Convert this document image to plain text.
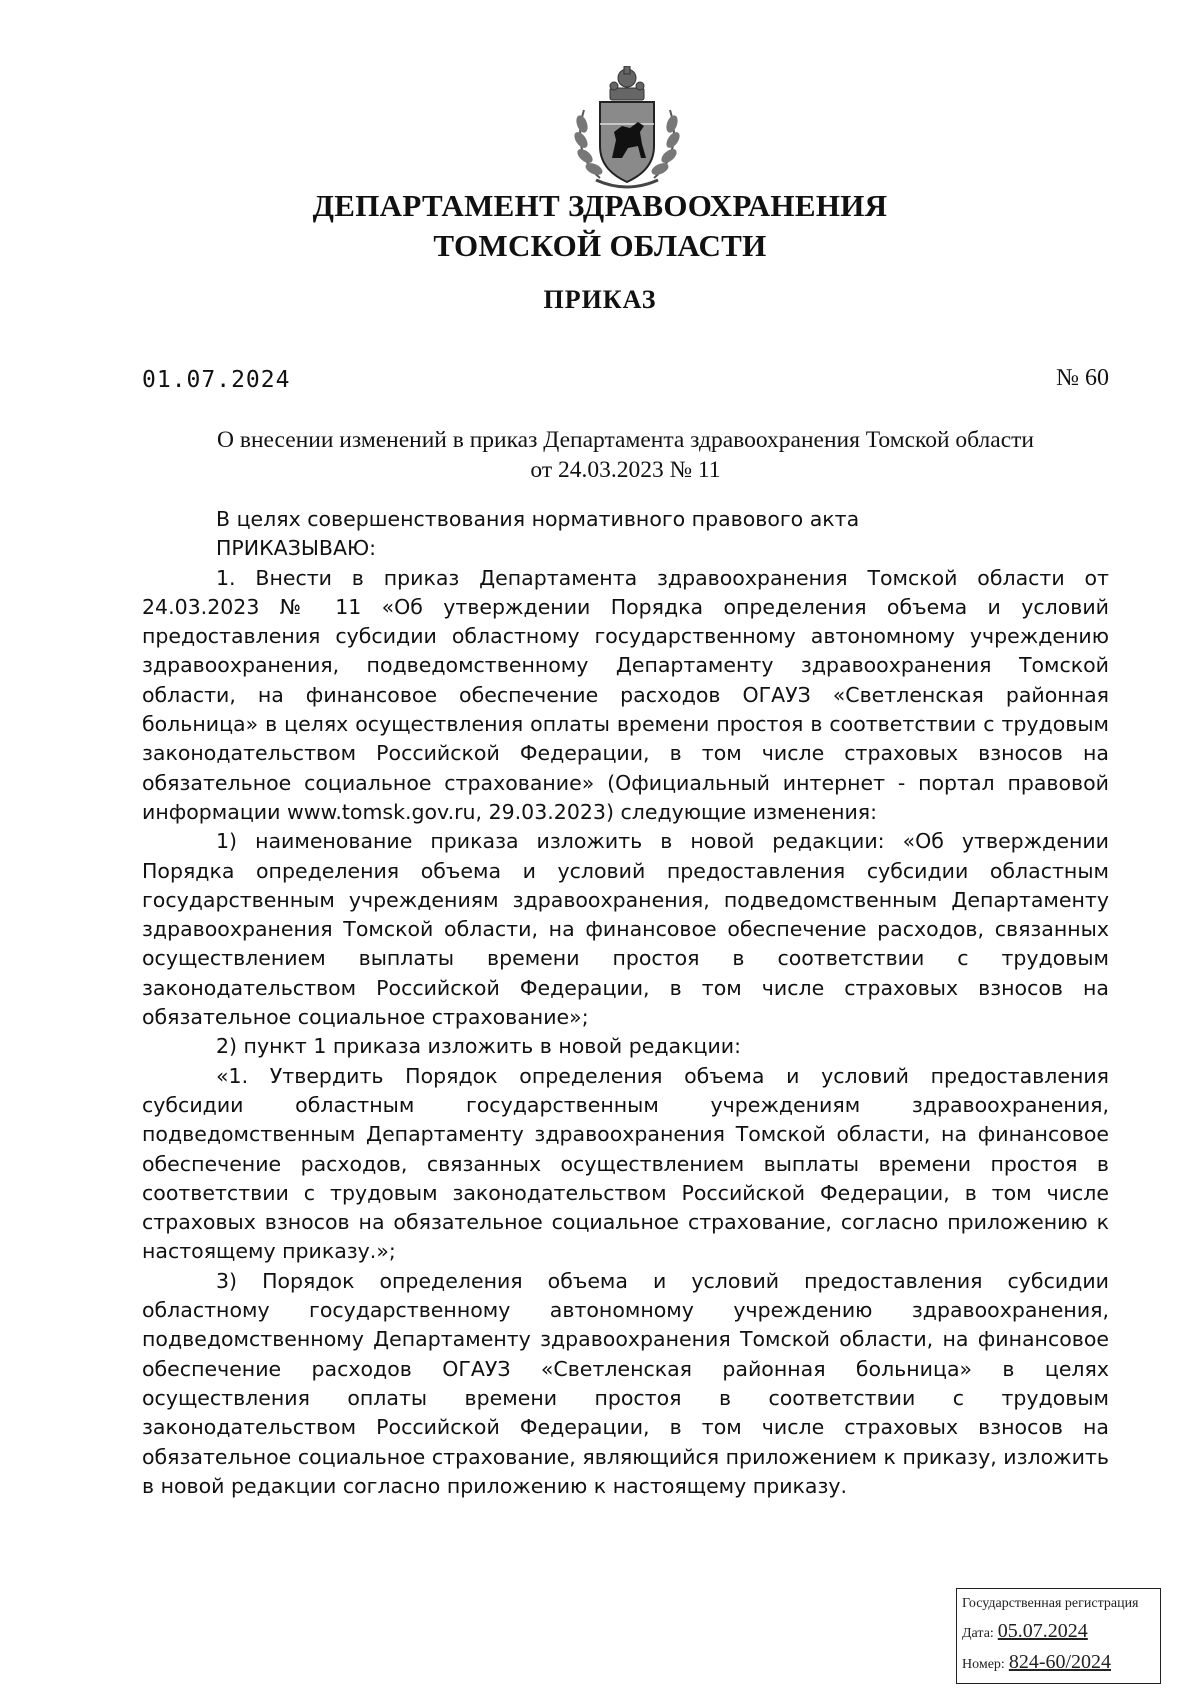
ДЕПАРТАМЕНТ ЗДРАВООХРАНЕНИЯ
ТОМСКОЙ ОБЛАСТИ
ПРИКАЗ
01.07.2024	№ 60
О внесении изменений в приказ Департамента здравоохранения Томской области
от 24.03.2023 № 11

В целях совершенствования нормативного правового акта

ПРИКАЗЫВАЮ:

1. Внести в приказ Департамента здравоохранения Томской области от 24.03.2023 № 11 «Об утверждении Порядка определения объема и условий предоставления субсидии областному государственному автономному учреждению здравоохранения, подведомственному Департаменту здравоохранения Томской области, на финансовое обеспечение расходов ОГАУЗ «Светленская районная больница» в целях осуществления оплаты времени простоя в соответствии с трудовым законодательством Российской Федерации, в том числе страховых взносов на обязательное социальное страхование» (Официальный интернет - портал правовой информации www.tomsk.gov.ru, 29.03.2023) следующие изменения:

1) наименование приказа изложить в новой редакции: «Об утверждении Порядка определения объема и условий предоставления субсидии областным государственным учреждениям здравоохранения, подведомственным Департаменту здравоохранения Томской области, на финансовое обеспечение расходов, связанных осуществлением выплаты времени простоя в соответствии с трудовым законодательством Российской Федерации, в том числе страховых взносов на обязательное социальное страхование»;

2) пункт 1 приказа изложить в новой редакции:

«1. Утвердить Порядок определения объема и условий предоставления субсидии областным государственным учреждениям здравоохранения, подведомственным Департаменту здравоохранения Томской области, на финансовое обеспечение расходов, связанных осуществлением выплаты времени простоя в соответствии с трудовым законодательством Российской Федерации, в том числе страховых взносов на обязательное социальное страхование, согласно приложению к настоящему приказу.»;

3) Порядок определения объема и условий предоставления субсидии областному государственному автономному учреждению здравоохранения, подведомственному Департаменту здравоохранения Томской области, на финансовое обеспечение расходов ОГАУЗ «Светленская районная больница» в целях осуществления оплаты времени простоя в соответствии с трудовым законодательством Российской Федерации, в том числе страховых взносов на обязательное социальное страхование, являющийся приложением к приказу, изложить в новой редакции согласно приложению к настоящему приказу.

Государственная регистрация
Дата: 05.07.2024
Номер: 824-60/2024
